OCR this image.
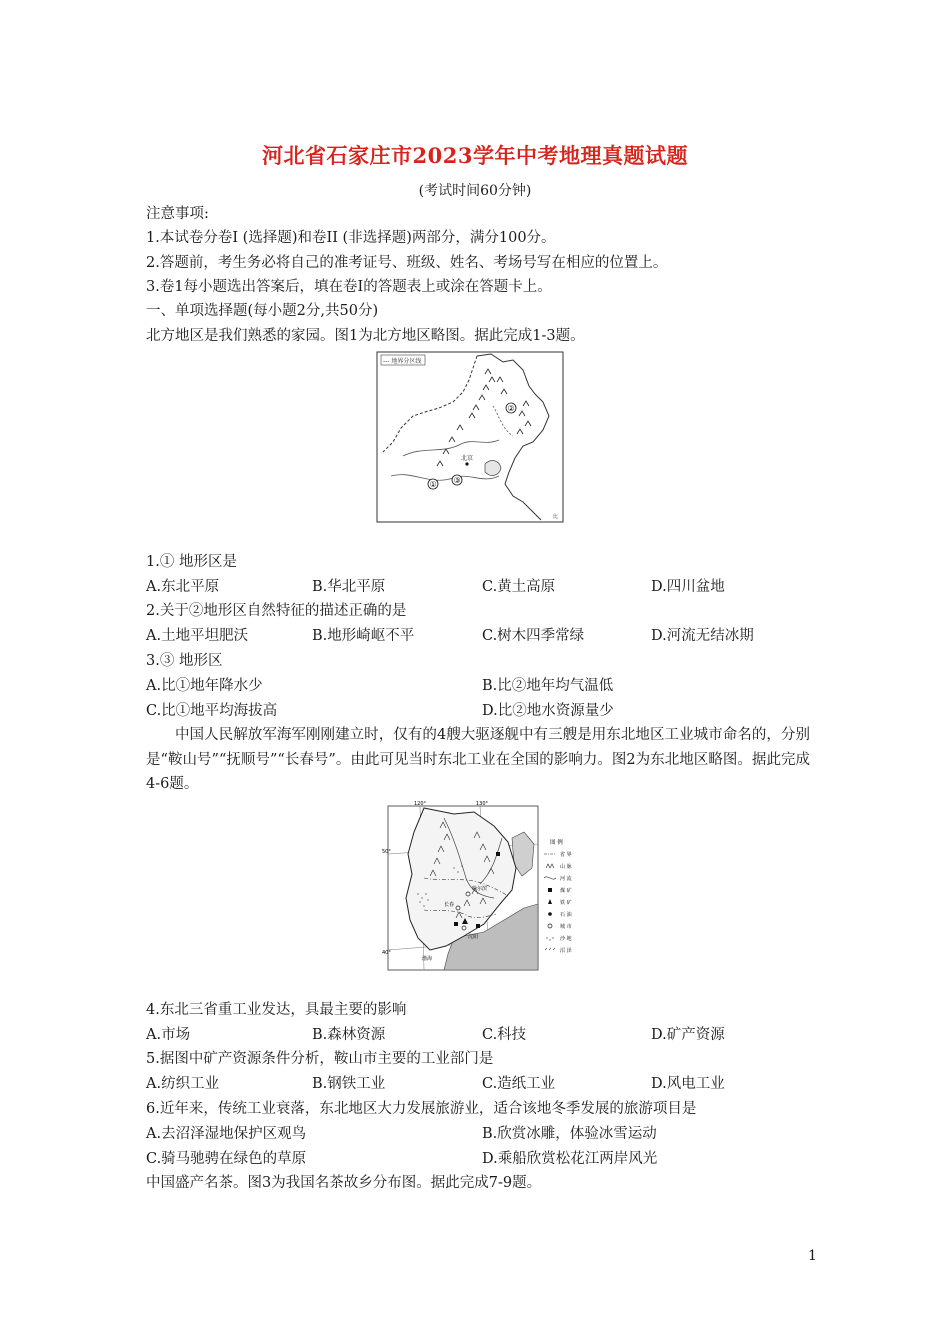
河北省石家庄市2023学年中考地理真题试题
(考试时间60分钟)
注意事项:
1.本试卷分卷Ⅰ (选择题)和卷II (非选择题)两部分，满分100分。
2.答题前，考生务必将自己的准考证号、班级、姓名、考场号写在相应的位置上。
3.卷1每小题选出答案后，填在卷Ⅰ的答题表上或涂在答题卡上。
一、单项选择题(每小题2分,共50分)
北方地区是我们熟悉的家园。图1为北方地区略图。据此完成1-3题。
--- 地界分区线
②
① ③
北京
比
1.① 地形区是
A.东北平原	B.华北平原	C.黄土高原	D.四川盆地
2.关于②地形区自然特征的描述正确的是
A.土地平坦肥沃	B.地形崎岖不平	C.树木四季常绿	D.河流无结冰期
3.③ 地形区
A.比①地年降水少	B.比②地年均气温低
C.比①地平均海拔高	D.比②地水资源量少
中国人民解放军海军刚刚建立时，仅有的4艘大驱逐舰中有三艘是用东北地区工业城市命名的，分别是“鞍山号”“抚顺号”“长春号”。由此可见当时东北工业在全国的影响力。图2为东北地区略图。据此完成4-6题。
120°	130°
50°
40°
哈尔滨
长春
沈阳
渤海
图 例
省 界
山 脉
河 流
煤 矿
铁 矿
石 油
城 市
沙 地
沼 泽
4.东北三省重工业发达，具最主要的影响
A.市场	B.森林资源	C.科技	D.矿产资源
5.据图中矿产资源条件分析，鞍山市主要的工业部门是
A.纺织工业	B.钢铁工业	C.造纸工业	D.风电工业
6.近年来，传统工业衰落，东北地区大力发展旅游业，适合该地冬季发展的旅游项目是
A.去沼泽湿地保护区观鸟	B.欣赏冰雕，体验冰雪运动
C.骑马驰骋在绿色的草原	D.乘船欣赏松花江两岸风光
中国盛产名茶。图3为我国名茶故乡分布图。据此完成7-9题。
1
